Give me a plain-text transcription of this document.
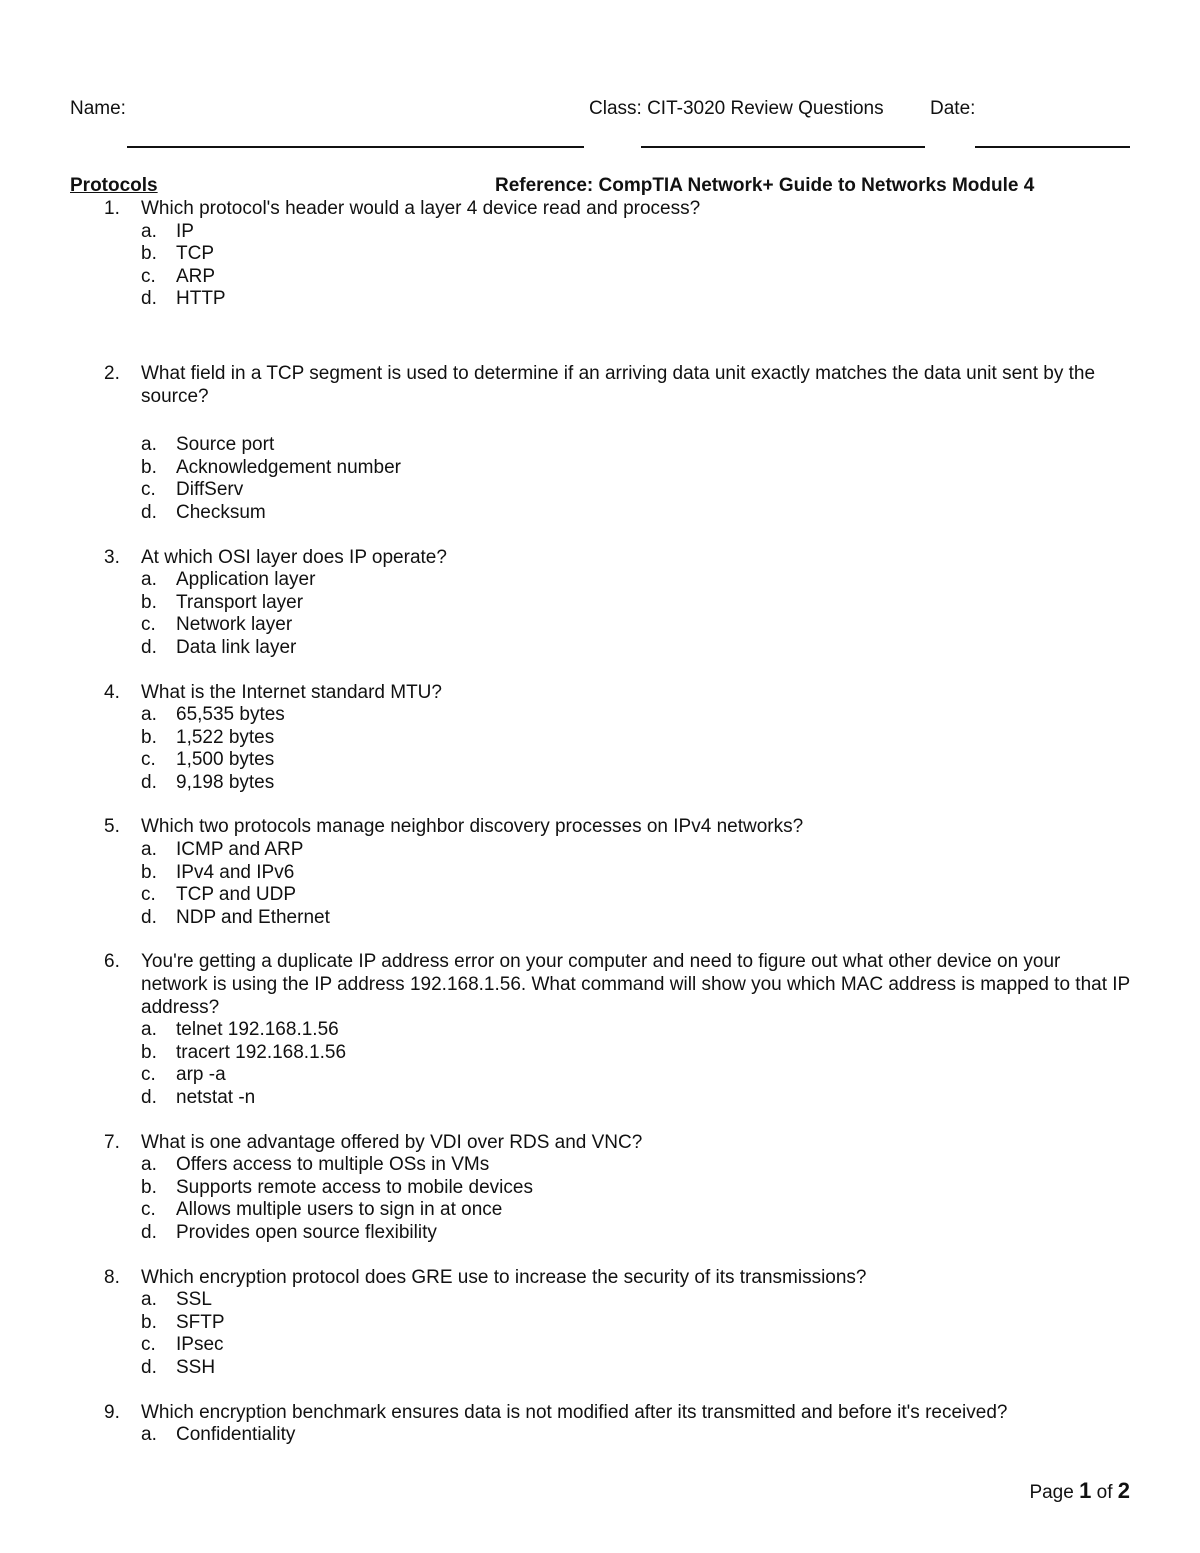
Name:	Class: CIT-3020 Review Questions Date:
Protocols	Reference: CompTIA Network+ Guide to Networks Module 4
1.	Which protocol's header would a layer 4 device read and process?
a. IP
b. TCP
c. ARP
d. HTTP
2.	What field in a TCP segment is used to determine if an arriving data unit exactly matches the data unit sent by the source?
a. Source port
b. Acknowledgement number
c. DiffServ
d. Checksum
3.	At which OSI layer does IP operate?
a. Application layer
b. Transport layer
c. Network layer
d. Data link layer
4.	What is the Internet standard MTU?
a. 65,535 bytes
b. 1,522 bytes
c. 1,500 bytes
d. 9,198 bytes
5.	Which two protocols manage neighbor discovery processes on IPv4 networks?
a. ICMP and ARP
b. IPv4 and IPv6
c. TCP and UDP
d. NDP and Ethernet
6.	You're getting a duplicate IP address error on your computer and need to figure out what other device on your network is using the IP address 192.168.1.56. What command will show you which MAC address is mapped to that IP address?
a. telnet 192.168.1.56
b. tracert 192.168.1.56
c. arp -a
d. netstat -n
7.	What is one advantage offered by VDI over RDS and VNC?
a. Offers access to multiple OSs in VMs
b. Supports remote access to mobile devices
c. Allows multiple users to sign in at once
d. Provides open source flexibility
8.	Which encryption protocol does GRE use to increase the security of its transmissions?
a. SSL
b. SFTP
c. IPsec
d. SSH
9.	Which encryption benchmark ensures data is not modified after its transmitted and before it's received?
a. Confidentiality
Page 1 of 2
